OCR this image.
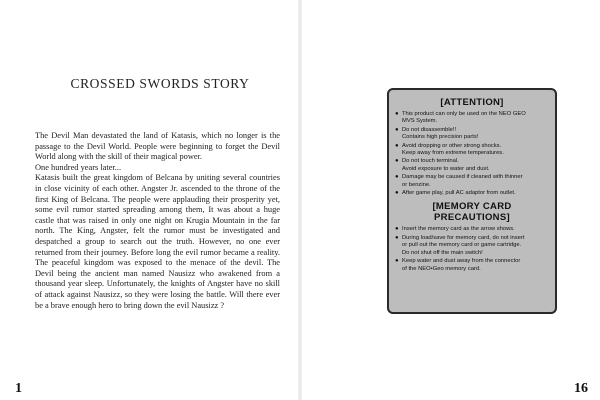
CROSSED SWORDS STORY

The Devil Man devastated the land of Katasis, which no longer is the passage to the Devil World. People were beginning to forget the Devil World along with the skill of their magical power.

One hundred years later...

Katasis built the great kingdom of Belcana by uniting several countries in close vicinity of each other. Angster Jr. ascended to the throne of the first King of Belcana. The people were applauding their prosperity yet, some evil rumor started spreading among them, It was about a huge castle that was raised in only one night on Krugia Mountain in the far north. The King, Angster, felt the rumor must be investigated and despatched a group to search out the truth. However, no one ever returned from their journey. Before long the evil rumor became a reality. The peaceful kingdom was exposed to the menace of the devil. The Devil being the ancient man named Nausizz who awakened from a thousand year sleep. Unfortunately, the knights of Angster have no skill of attack against Nausizz, so they were losing the battle. Will there ever be a brave enough hero to bring down the evil Nausizz ?

1
[ATTENTION]
● This product can only be used on the NEO GEO
MVS System.
● Do not disassemble!!
Contains high precision parts!
● Avoid dropping or other strong shocks.
Keep away from extreme temperatures.
● Do not touch terminal.
Avoid exposure to water and dust.
● Damage may be caused if cleaned with thinner
or benzine.
● After game play, pull AC adaptor from outlet.
[MEMORY CARD PRECAUTIONS]
● Insert the memory card as the arrow shows.
● During load/save for memory card, do not insert
or pull out the memory card or game cartridge.
Do not shut off the main switch!
● Keep water and dust away from the connector
of the NEO•Geo memory card.
16
